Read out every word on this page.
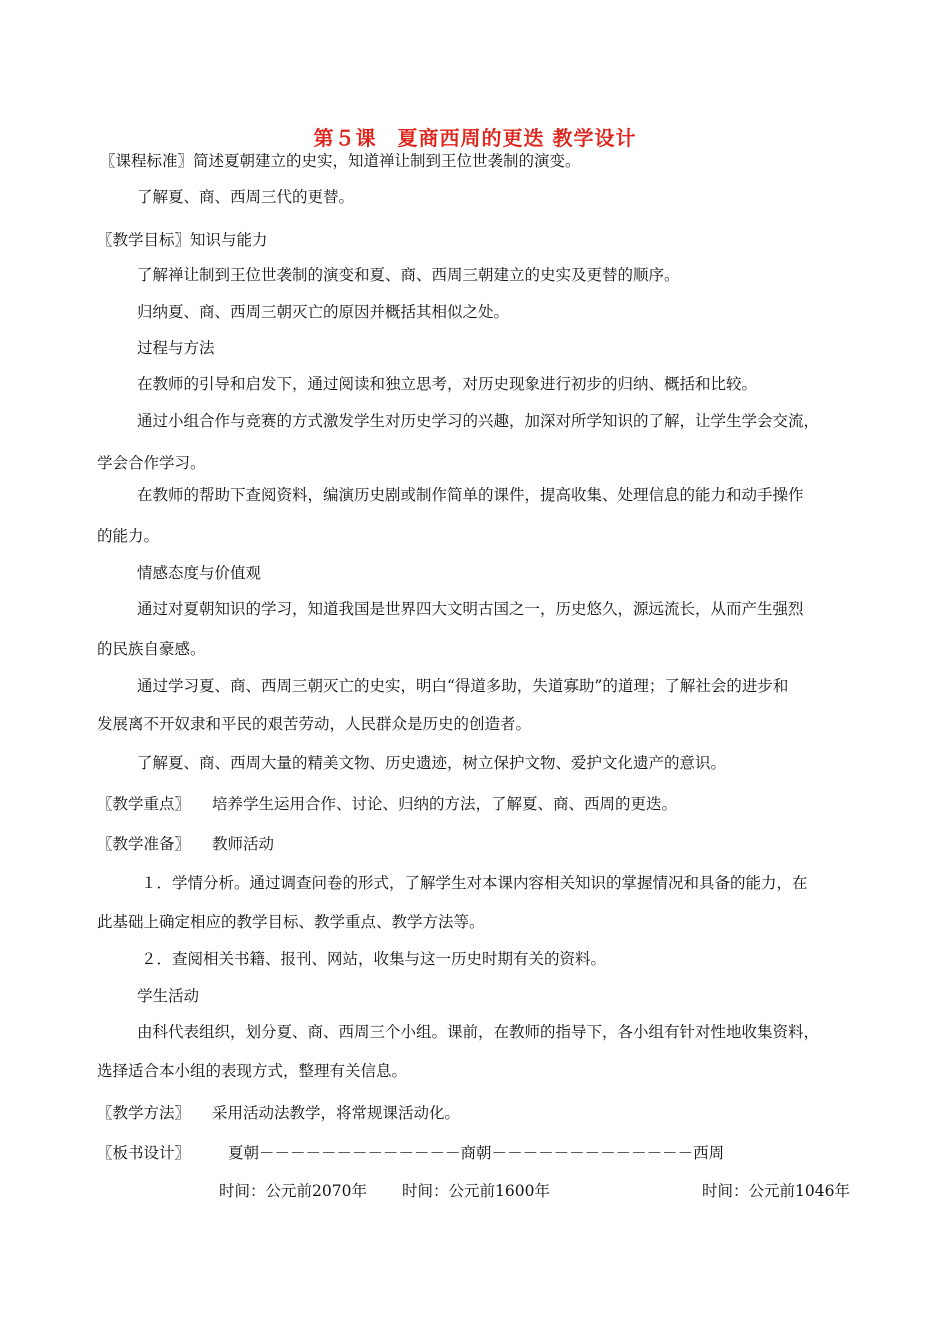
第５课　夏商西周的更迭 教学设计
〖课程标准〗简述夏朝建立的史实，知道禅让制到王位世袭制的演变。
了解夏、商、西周三代的更替。
〖教学目标〗知识与能力
了解禅让制到王位世袭制的演变和夏、商、西周三朝建立的史实及更替的顺序。
归纳夏、商、西周三朝灭亡的原因并概括其相似之处。
过程与方法
在教师的引导和启发下，通过阅读和独立思考，对历史现象进行初步的归纳、概括和比较。
通过小组合作与竞赛的方式激发学生对历史学习的兴趣，加深对所学知识的了解，让学生学会交流，
学会合作学习。
在教师的帮助下查阅资料，编演历史剧或制作简单的课件，提高收集、处理信息的能力和动手操作
的能力。
情感态度与价值观
通过对夏朝知识的学习，知道我国是世界四大文明古国之一，历史悠久，源远流长，从而产生强烈
的民族自豪感。
通过学习夏、商、西周三朝灭亡的史实，明白“得道多助，失道寡助”的道理；了解社会的进步和
发展离不开奴隶和平民的艰苦劳动，人民群众是历史的创造者。
了解夏、商、西周大量的精美文物、历史遗迹，树立保护文物、爱护文化遗产的意识。
〖教学重点〗 培养学生运用合作、讨论、归纳的方法，了解夏、商、西周的更迭。
〖教学准备〗 教师活动
１．学情分析。通过调查问卷的形式，了解学生对本课内容相关知识的掌握情况和具备的能力，在
此基础上确定相应的教学目标、教学重点、教学方法等。
２．查阅相关书籍、报刊、网站，收集与这一历史时期有关的资料。
学生活动
由科代表组织，划分夏、商、西周三个小组。课前，在教师的指导下，各小组有针对性地收集资料，
选择适合本小组的表现方式，整理有关信息。
〖教学方法〗 采用活动法教学，将常规课活动化。
〖板书设计〗 夏朝－－－－－－－－－－－－－商朝－－－－－－－－－－－－－西周
时间：公元前2070年 时间：公元前1600年	时间：公元前1046年
